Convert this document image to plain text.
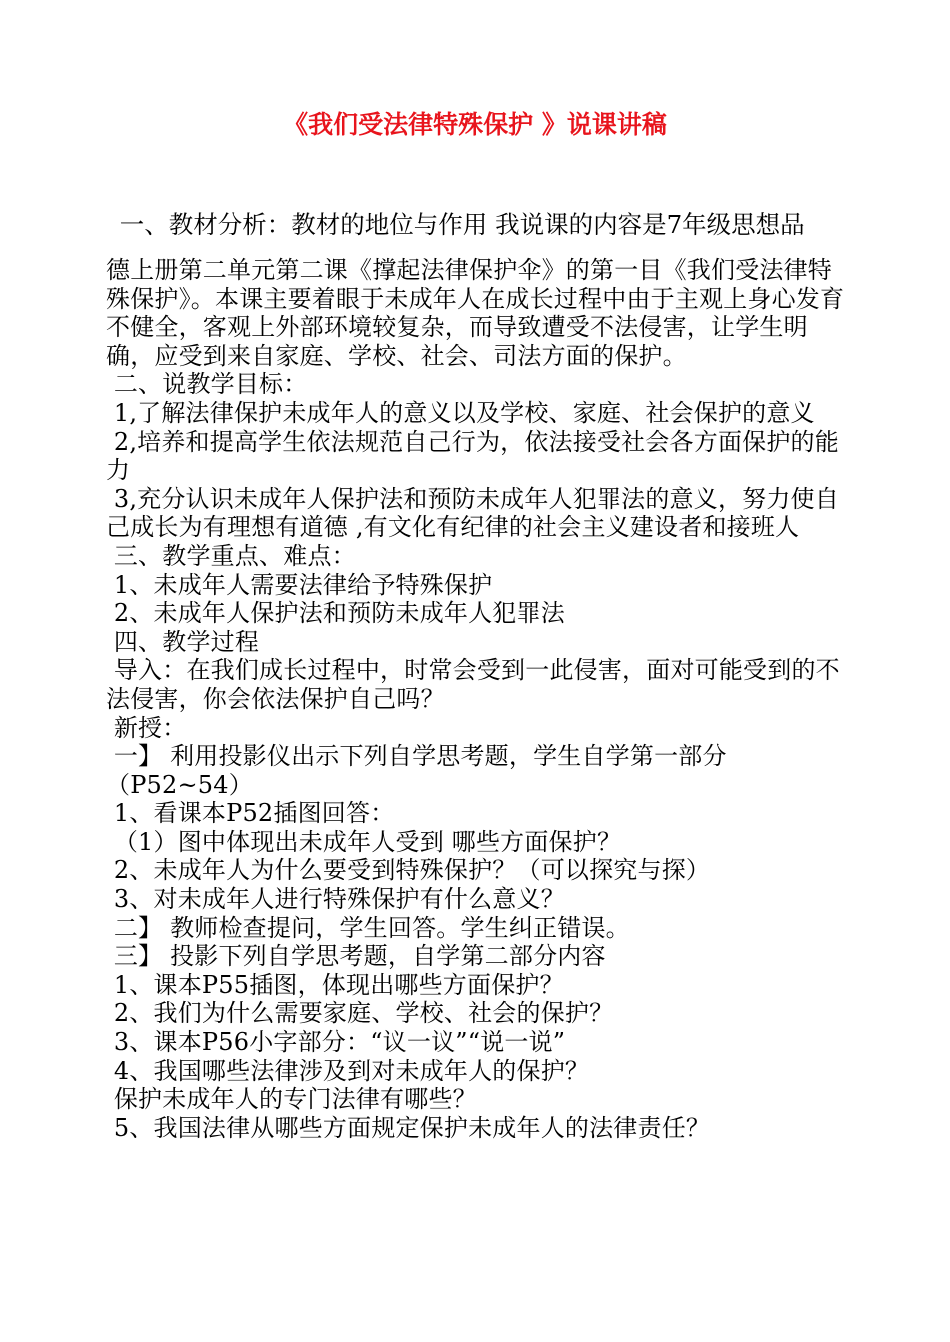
《我们受法律特殊保护 》说课讲稿
一、教材分析：教材的地位与作用 我说课的内容是7年级思想品

德上册第二单元第二课《撑起法律保护伞》的第一目《我们受法律特殊保护》。本课主要着眼于未成年人在成长过程中由于主观上身心发育不健全，客观上外部环境较复杂，而导致遭受不法侵害，让学生明确，应受到来自家庭、学校、社会、司法方面的保护。

二、说教学目标：

1,了解法律保护未成年人的意义以及学校、家庭、社会保护的意义

2,培养和提高学生依法规范自己行为，依法接受社会各方面保护的能力

3,充分认识未成年人保护法和预防未成年人犯罪法的意义，努力使自己成长为有理想有道德 ,有文化有纪律的社会主义建设者和接班人

三、教学重点、难点：

1、未成年人需要法律给予特殊保护

2、未成年人保护法和预防未成年人犯罪法

四、教学过程

导入：在我们成长过程中，时常会受到一此侵害，面对可能受到的不法侵害，你会依法保护自己吗？

新授：

一】 利用投影仪出示下列自学思考题，学生自学第一部分

（P52~54）

1、看课本P52插图回答：

（1）图中体现出未成年人受到 哪些方面保护？

2、未成年人为什么要受到特殊保护？（可以探究与探）

3、对未成年人进行特殊保护有什么意义？

二】 教师检查提问，学生回答。学生纠正错误。

三】 投影下列自学思考题，自学第二部分内容

1、课本P55插图，体现出哪些方面保护？

2、我们为什么需要家庭、学校、社会的保护？

3、课本P56小字部分：“议一议”“说一说”

4、我国哪些法律涉及到对未成年人的保护？

保护未成年人的专门法律有哪些？

5、我国法律从哪些方面规定保护未成年人的法律责任？
